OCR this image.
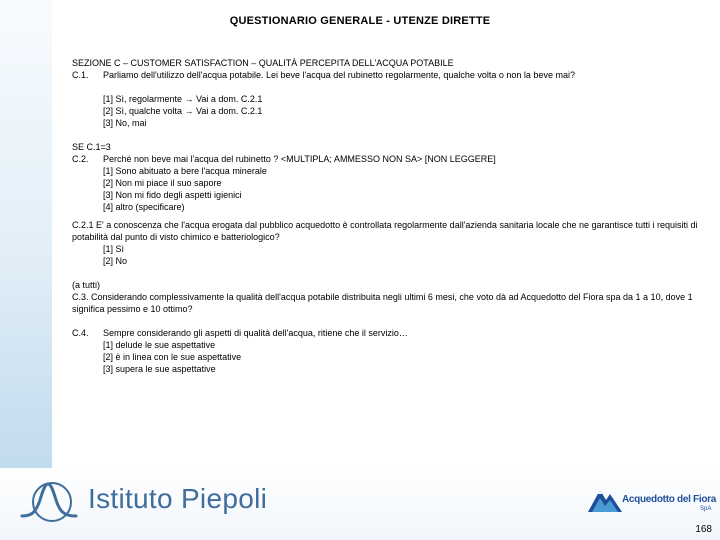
QUESTIONARIO GENERALE - UTENZE DIRETTE
SEZIONE C – CUSTOMER SATISFACTION – QUALITÀ PERCEPITA DELL'ACQUA POTABILE
C.1. Parliamo dell'utilizzo dell'acqua potabile. Lei beve l'acqua del rubinetto regolarmente, qualche volta o non la beve mai?
[1] Sì, regolarmente → Vai a dom. C.2.1
[2] Sì, qualche volta → Vai a dom. C.2.1
[3] No, mai
SE C.1=3
C.2. Perché non beve mai l'acqua del rubinetto ? <MULTIPLA; AMMESSO NON SA> [NON LEGGERE]
[1] Sono abituato a bere l'acqua minerale
[2] Non mi piace il suo sapore
[3] Non mi fido degli aspetti igienici
[4] altro (specificare)
C.2.1 E' a conoscenza che l'acqua erogata dal pubblico acquedotto è controllata regolarmente dall'azienda sanitaria locale che ne garantisce tutti i requisiti di potabilità dal punto di visto chimico e batteriologico?
[1] Sì
[2] No
(a tutti)
C.3. Considerando complessivamente la qualità dell'acqua potabile distribuita negli ultimi 6 mesi, che voto dà ad Acquedotto del Fiora spa da 1 a 10, dove 1 significa pessimo e 10 ottimo?
C.4. Sempre considerando gli aspetti di qualità dell'acqua, ritiene che il servizio…
[1] delude le sue aspettative
[2] è in linea con le sue aspettative
[3] supera le sue aspettative
Istituto Piepoli	Acquedotto del Fiora
SpA
168
